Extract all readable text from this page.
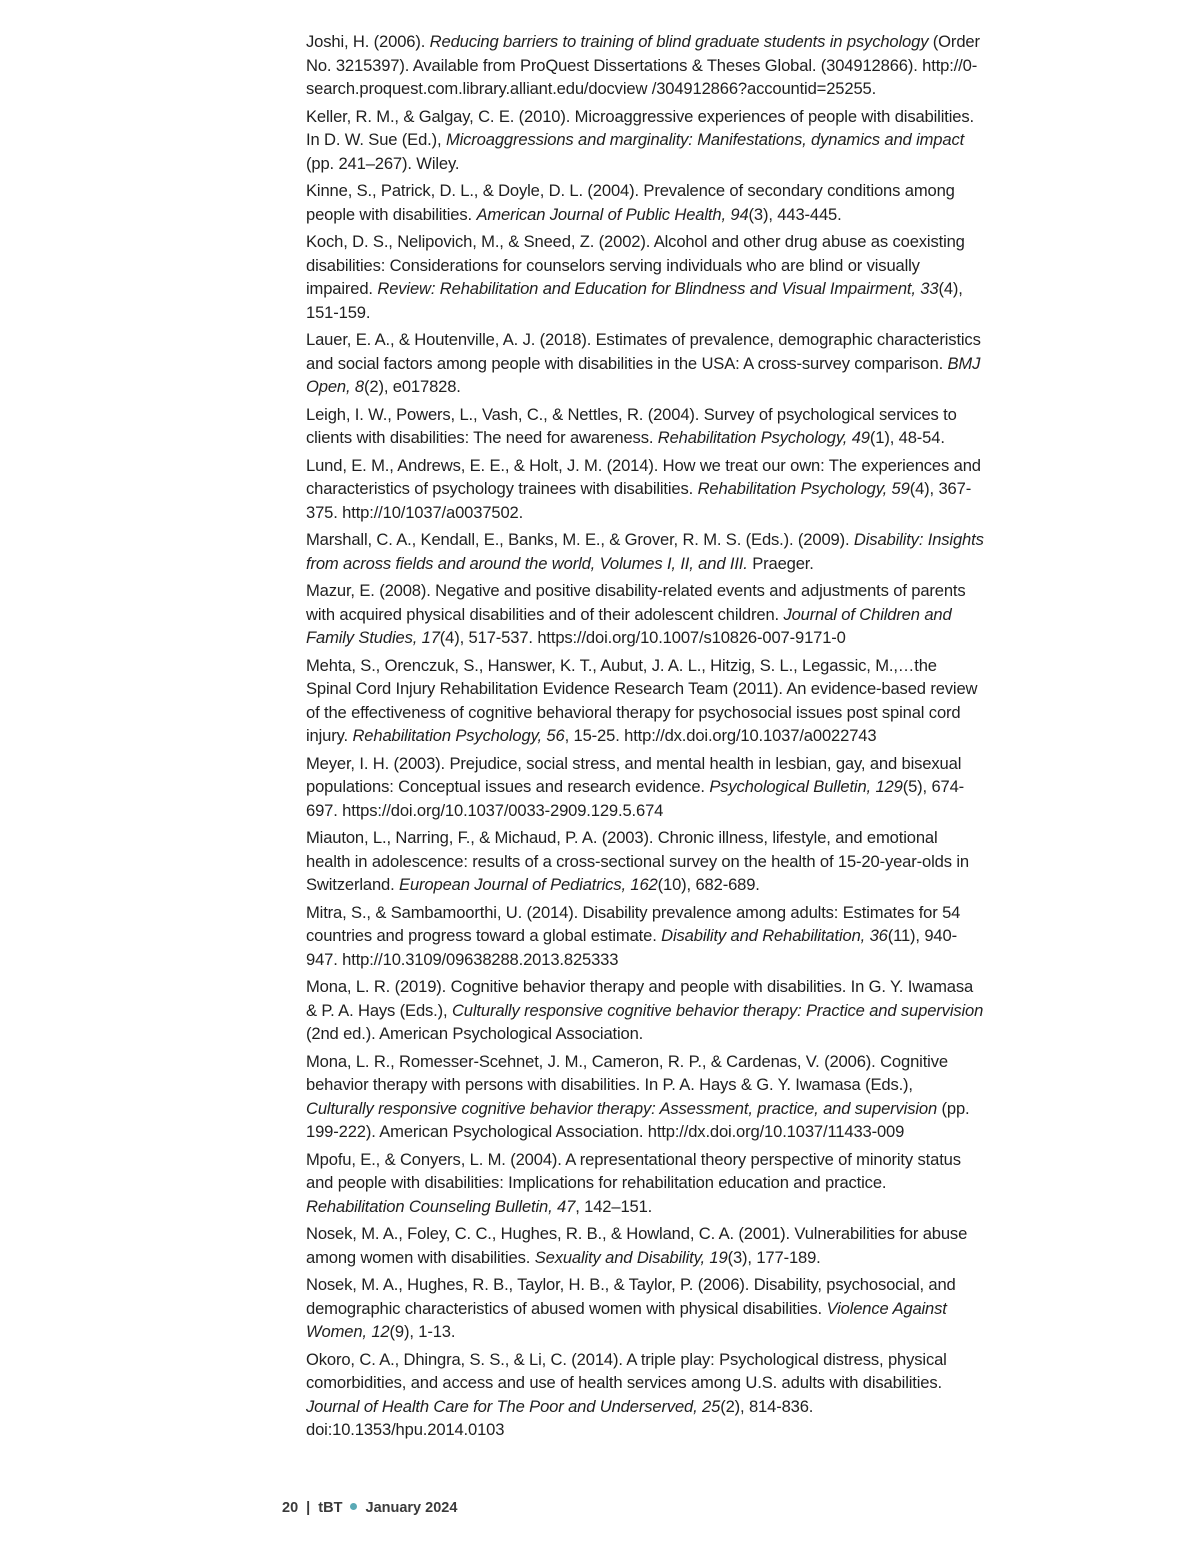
Joshi, H. (2006). Reducing barriers to training of blind graduate students in psychology (Order No. 3215397). Available from ProQuest Dissertations & Theses Global. (304912866). http://0-search.proquest.com.library.alliant.edu/docview /304912866?accountid=25255.

Keller, R. M., & Galgay, C. E. (2010). Microaggressive experiences of people with disabilities. In D. W. Sue (Ed.), Microaggressions and marginality: Manifestations, dynamics and impact (pp. 241–267). Wiley.

Kinne, S., Patrick, D. L., & Doyle, D. L. (2004). Prevalence of secondary conditions among people with disabilities. American Journal of Public Health, 94(3), 443-445.

Koch, D. S., Nelipovich, M., & Sneed, Z. (2002). Alcohol and other drug abuse as coexisting disabilities: Considerations for counselors serving individuals who are blind or visually impaired. Review: Rehabilitation and Education for Blindness and Visual Impairment, 33(4), 151-159.

Lauer, E. A., & Houtenville, A. J. (2018). Estimates of prevalence, demographic characteristics and social factors among people with disabilities in the USA: A cross-survey comparison. BMJ Open, 8(2), e017828.

Leigh, I. W., Powers, L., Vash, C., & Nettles, R. (2004). Survey of psychological services to clients with disabilities: The need for awareness. Rehabilitation Psychology, 49(1), 48-54.

Lund, E. M., Andrews, E. E., & Holt, J. M. (2014). How we treat our own: The experiences and characteristics of psychology trainees with disabilities. Rehabilitation Psychology, 59(4), 367-375. http://10/1037/a0037502.

Marshall, C. A., Kendall, E., Banks, M. E., & Grover, R. M. S. (Eds.). (2009). Disability: Insights from across fields and around the world, Volumes I, II, and III. Praeger.

Mazur, E. (2008). Negative and positive disability-related events and adjustments of parents with acquired physical disabilities and of their adolescent children. Journal of Children and Family Studies, 17(4), 517-537. https://doi.org/10.1007/s10826-007-9171-0

Mehta, S., Orenczuk, S., Hanswer, K. T., Aubut, J. A. L., Hitzig, S. L., Legassic, M.,…the Spinal Cord Injury Rehabilitation Evidence Research Team (2011). An evidence-based review of the effectiveness of cognitive behavioral therapy for psychosocial issues post spinal cord injury. Rehabilitation Psychology, 56, 15-25. http://dx.doi.org/10.1037/a0022743

Meyer, I. H. (2003). Prejudice, social stress, and mental health in lesbian, gay, and bisexual populations: Conceptual issues and research evidence. Psychological Bulletin, 129(5), 674-697. https://doi.org/10.1037/0033-2909.129.5.674

Miauton, L., Narring, F., & Michaud, P. A. (2003). Chronic illness, lifestyle, and emotional health in adolescence: results of a cross-sectional survey on the health of 15-20-year-olds in Switzerland. European Journal of Pediatrics, 162(10), 682-689.

Mitra, S., & Sambamoorthi, U. (2014). Disability prevalence among adults: Estimates for 54 countries and progress toward a global estimate. Disability and Rehabilitation, 36(11), 940-947. http://10.3109/09638288.2013.825333

Mona, L. R. (2019). Cognitive behavior therapy and people with disabilities. In G. Y. Iwamasa & P. A. Hays (Eds.), Culturally responsive cognitive behavior therapy: Practice and supervision (2nd ed.). American Psychological Association.

Mona, L. R., Romesser-Scehnet, J. M., Cameron, R. P., & Cardenas, V. (2006). Cognitive behavior therapy with persons with disabilities. In P. A. Hays & G. Y. Iwamasa (Eds.), Culturally responsive cognitive behavior therapy: Assessment, practice, and supervision (pp. 199-222). American Psychological Association. http://dx.doi.org/10.1037/11433-009

Mpofu, E., & Conyers, L. M. (2004). A representational theory perspective of minority status and people with disabilities: Implications for rehabilitation education and practice. Rehabilitation Counseling Bulletin, 47, 142–151.

Nosek, M. A., Foley, C. C., Hughes, R. B., & Howland, C. A. (2001). Vulnerabilities for abuse among women with disabilities. Sexuality and Disability, 19(3), 177-189.

Nosek, M. A., Hughes, R. B., Taylor, H. B., & Taylor, P. (2006). Disability, psychosocial, and demographic characteristics of abused women with physical disabilities. Violence Against Women, 12(9), 1-13.

Okoro, C. A., Dhingra, S. S., & Li, C. (2014). A triple play: Psychological distress, physical comorbidities, and access and use of health services among U.S. adults with disabilities. Journal of Health Care for The Poor and Underserved, 25(2), 814-836. doi:10.1353/hpu.2014.0103

20 | tBT January 2024
